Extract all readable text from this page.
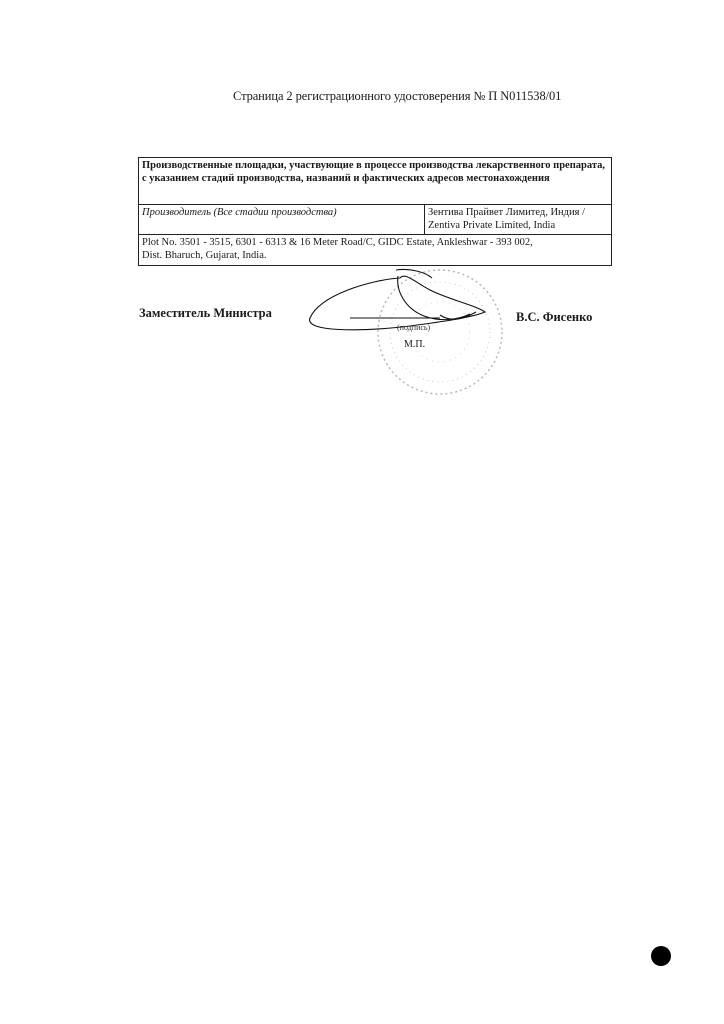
Страница 2 регистрационного удостоверения № П N011538/01
Производственные площадки, участвующие в процессе производства лекарственного препарата, с указанием стадий производства, названий и фактических адресов местонахождения
Производитель (Все стадии производства)	Зентива Прайвет Лимитед, Индия /
Zentiva Private Limited, India

Plot No. 3501 - 3515, 6301 - 6313 & 16 Meter Road/C, GIDC Estate, Ankleshwar - 393 002,
Dist. Bharuch, Gujarat, India.
Заместитель Министра
(подпись)
М.П.
В.С. Фисенко
